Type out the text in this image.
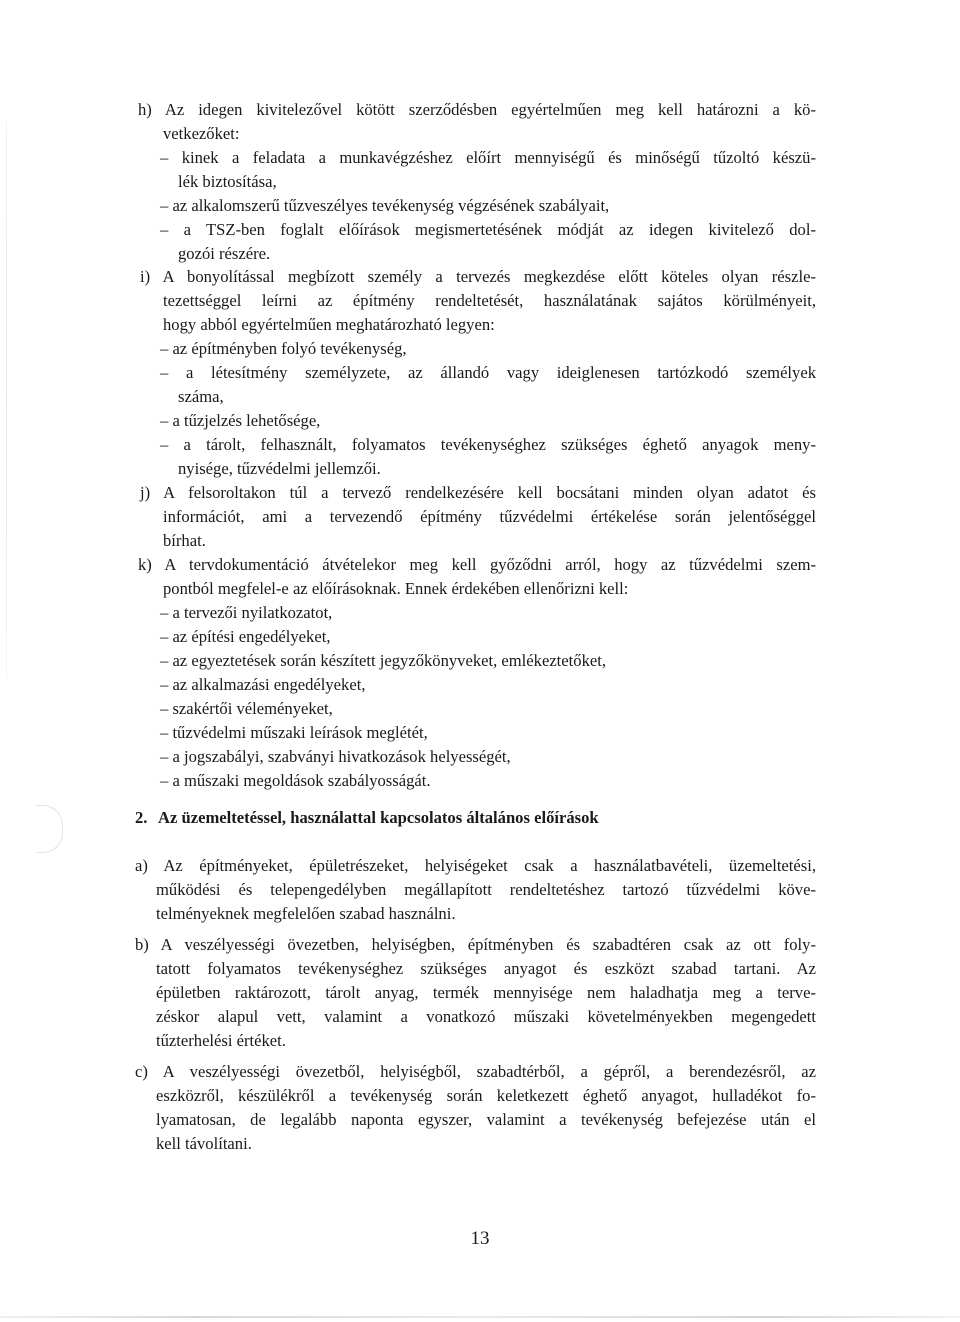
h) Az idegen kivitelezővel kötött szerződésben egyértelműen meg kell határozni a kö-
vetkezőket:
– kinek a feladata a munkavégzéshez előírt mennyiségű és minőségű tűzoltó készü-
lék biztosítása,
– az alkalomszerű tűzveszélyes tevékenység végzésének szabályait,
– a TSZ-ben foglalt előírások megismertetésének módját az idegen kivitelező dol-
gozói részére.
i) A bonyolítással megbízott személy a tervezés megkezdése előtt köteles olyan részle-
tezettséggel leírni az építmény rendeltetését, használatának sajátos körülményeit,
hogy abból egyértelműen meghatározható legyen:
– az építményben folyó tevékenység,
– a létesítmény személyzete, az állandó vagy ideiglenesen tartózkodó személyek
száma,
– a tűzjelzés lehetősége,
– a tárolt, felhasznált, folyamatos tevékenységhez szükséges éghető anyagok meny-
nyisége, tűzvédelmi jellemzői.
j) A felsoroltakon túl a tervező rendelkezésére kell bocsátani minden olyan adatot és
információt, ami a tervezendő építmény tűzvédelmi értékelése során jelentőséggel
bírhat.
k) A tervdokumentáció átvételekor meg kell győződni arról, hogy az tűzvédelmi szem-
pontból megfelel-e az előírásoknak. Ennek érdekében ellenőrizni kell:
– a tervezői nyilatkozatot,
– az építési engedélyeket,
– az egyeztetések során készített jegyzőkönyveket, emlékeztetőket,
– az alkalmazási engedélyeket,
– szakértői véleményeket,
– tűzvédelmi műszaki leírások meglétét,
– a jogszabályi, szabványi hivatkozások helyességét,
– a műszaki megoldások szabályosságát.
2. Az üzemeltetéssel, használattal kapcsolatos általános előírások
a) Az építményeket, épületrészeket, helyiségeket csak a használatbavételi, üzemeltetési,
működési és telepengedélyben megállapított rendeltetéshez tartozó tűzvédelmi köve-
telményeknek megfelelően szabad használni.
b) A veszélyességi övezetben, helyiségben, építményben és szabadtéren csak az ott foly-
tatott folyamatos tevékenységhez szükséges anyagot és eszközt szabad tartani. Az
épületben raktározott, tárolt anyag, termék mennyisége nem haladhatja meg a terve-
zéskor alapul vett, valamint a vonatkozó műszaki követelményekben megengedett
tűzterhelési értéket.
c) A veszélyességi övezetből, helyiségből, szabadtérből, a gépről, a berendezésről, az
eszközről, készülékről a tevékenység során keletkezett éghető anyagot, hulladékot fo-
lyamatosan, de legalább naponta egyszer, valamint a tevékenység befejezése után el
kell távolítani.
13
